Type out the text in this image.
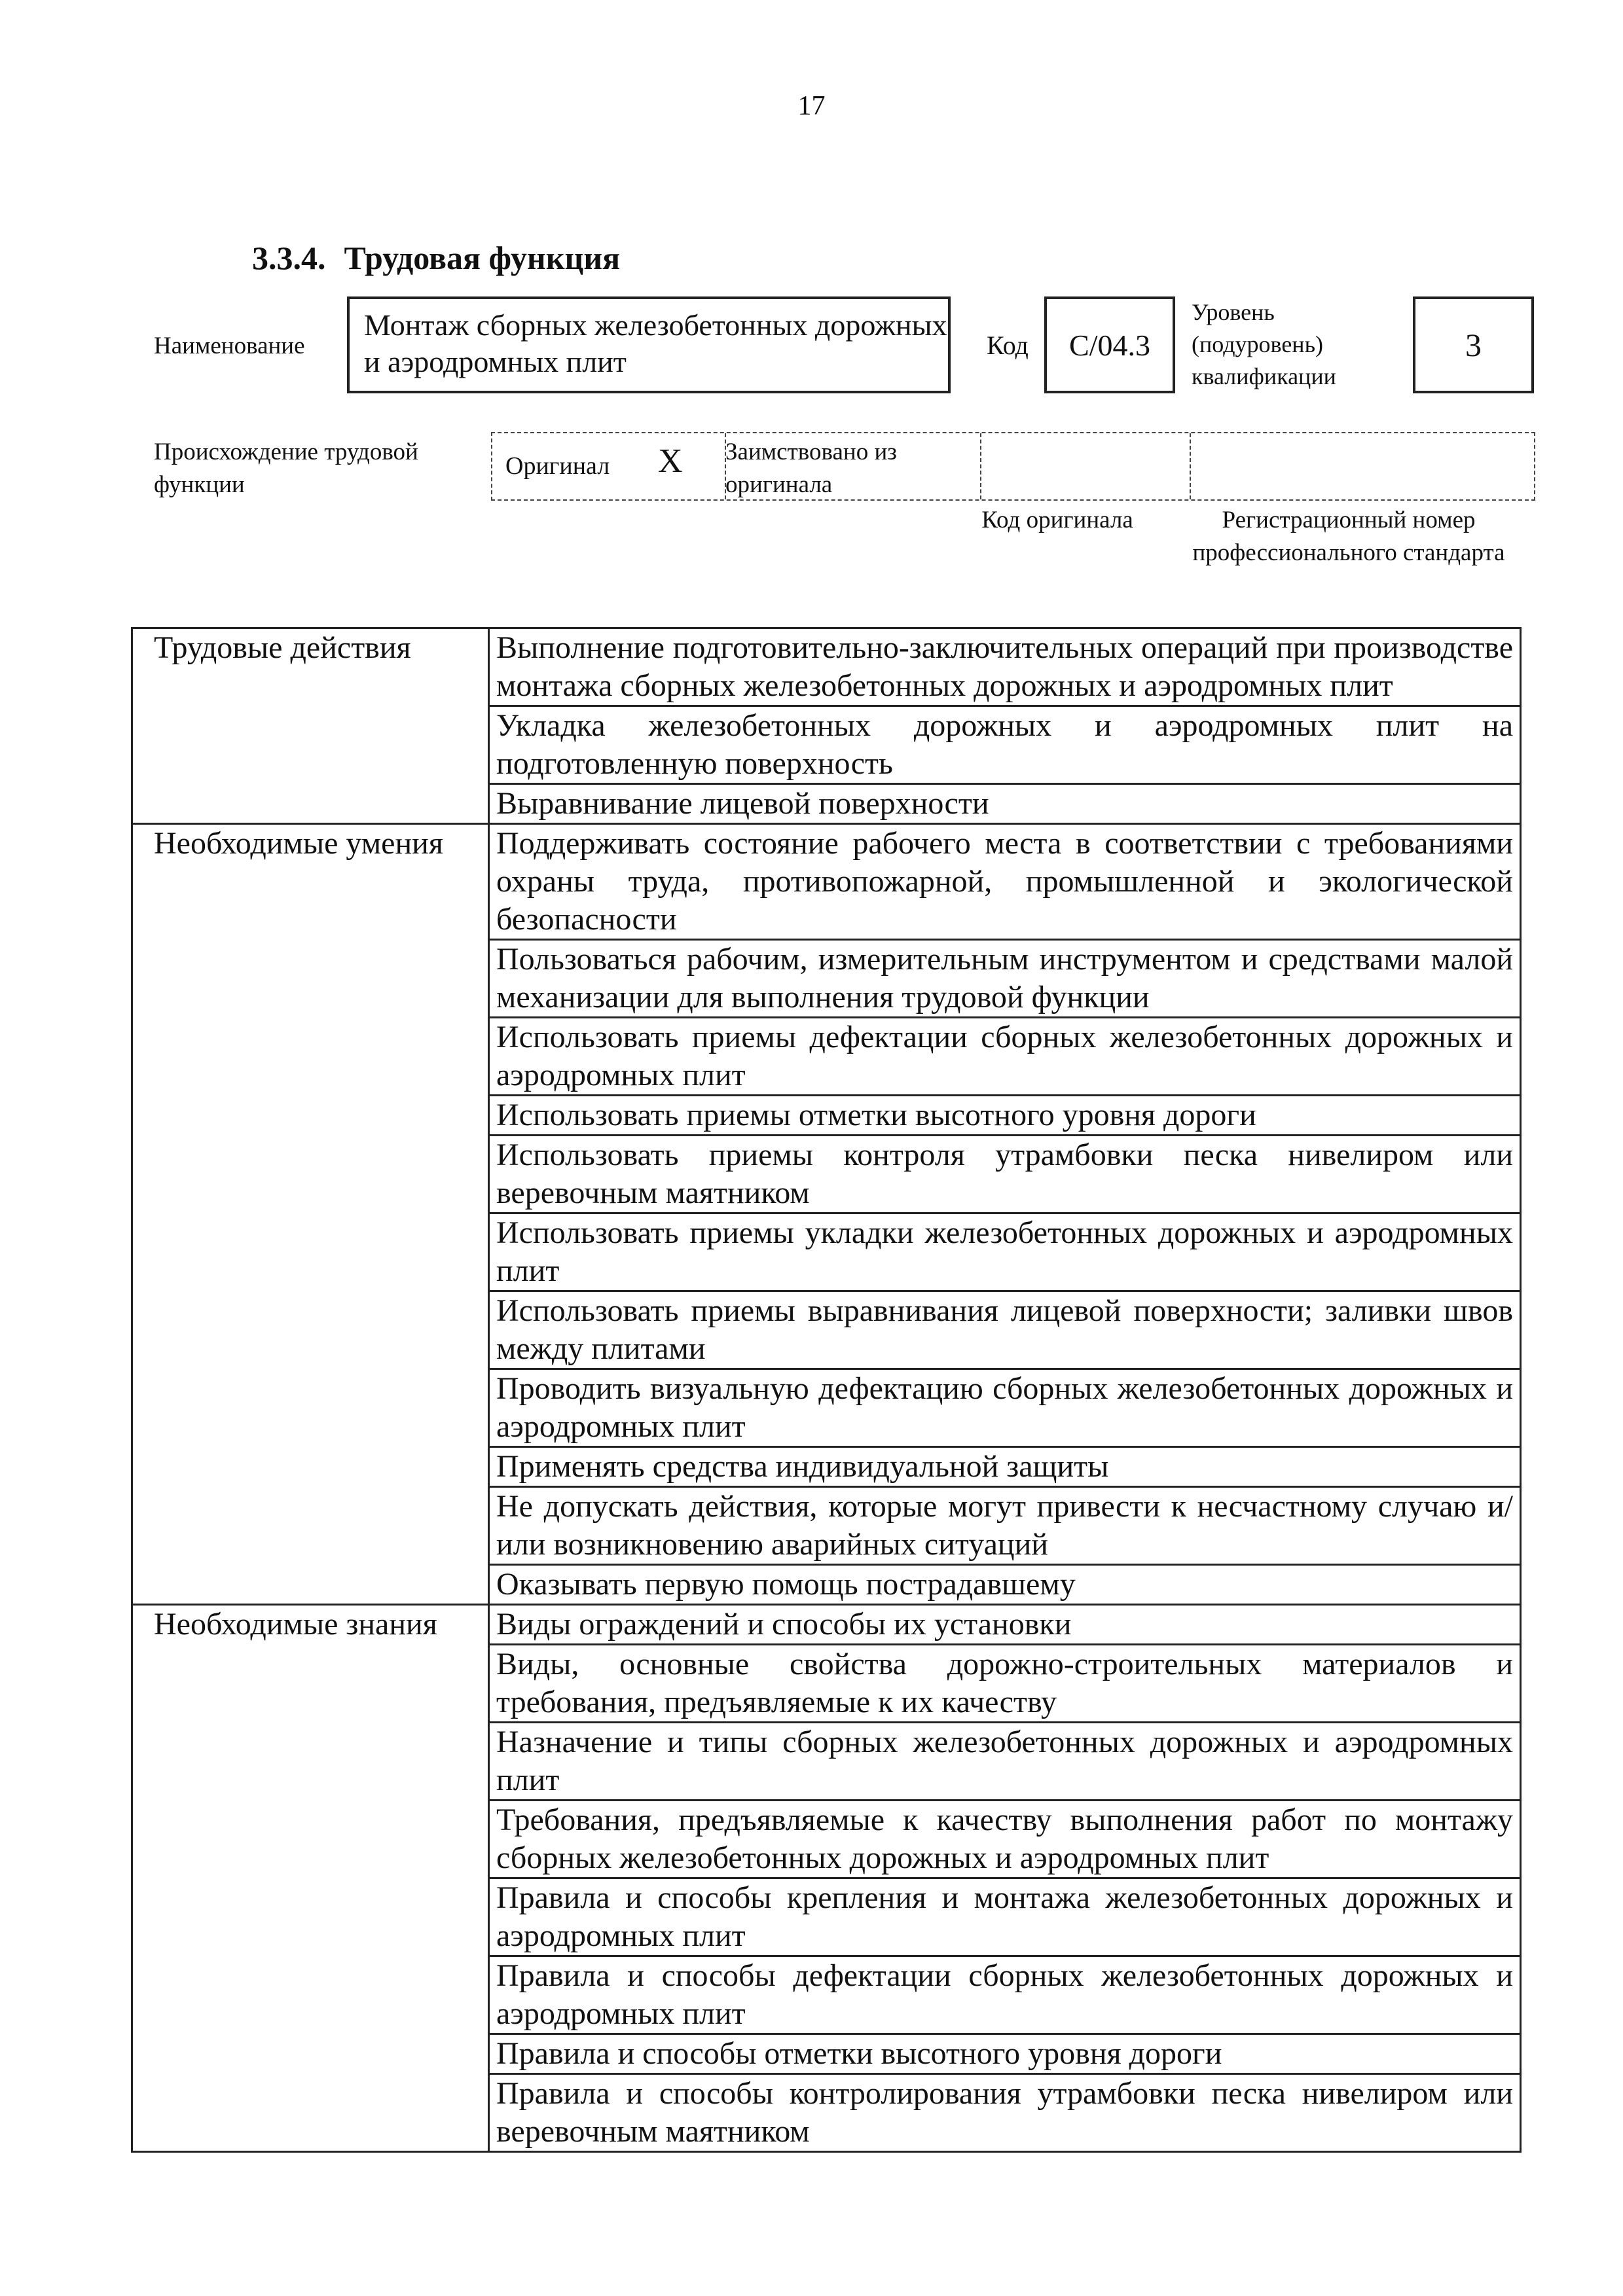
17
3.3.4. Трудовая функция
Наименование
Монтаж сборных железобетонных дорожных и аэродромных плит	Код	С/04.3
Уровень (подуровень) квалификации
3
Происхождение трудовой функции
Оригинал X Заимствовано из оригинала
Код оригинала	Регистрационный номер профессионального стандарта
Трудовые действия	Выполнение подготовительно-заключительных операций при производстве монтажа сборных железобетонных дорожных и аэродромных плит
	Укладка железобетонных дорожных и аэродромных плит на подготовленную поверхность
	Выравнивание лицевой поверхности
Необходимые умения	Поддерживать состояние рабочего места в соответствии с требованиями охраны труда, противопожарной, промышленной и экологической безопасности
	Пользоваться рабочим, измерительным инструментом и средствами малой механизации для выполнения трудовой функции
	Использовать приемы дефектации сборных железобетонных дорожных и аэродромных плит
	Использовать приемы отметки высотного уровня дороги
	Использовать приемы контроля утрамбовки песка нивелиром или веревочным маятником
	Использовать приемы укладки железобетонных дорожных и аэродромных плит
	Использовать приемы выравнивания лицевой поверхности; заливки швов между плитами
	Проводить визуальную дефектацию сборных железобетонных дорожных и аэродромных плит
	Применять средства индивидуальной защиты
	Не допускать действия, которые могут привести к несчастному случаю и/или возникновению аварийных ситуаций
	Оказывать первую помощь пострадавшему
Необходимые знания	Виды ограждений и способы их установки
	Виды, основные свойства дорожно-строительных материалов и требования, предъявляемые к их качеству
	Назначение и типы сборных железобетонных дорожных и аэродромных плит
	Требования, предъявляемые к качеству выполнения работ по монтажу сборных железобетонных дорожных и аэродромных плит
	Правила и способы крепления и монтажа железобетонных дорожных и аэродромных плит
	Правила и способы дефектации сборных железобетонных дорожных и аэродромных плит
	Правила и способы отметки высотного уровня дороги
	Правила и способы контролирования утрамбовки песка нивелиром или веревочным маятником
